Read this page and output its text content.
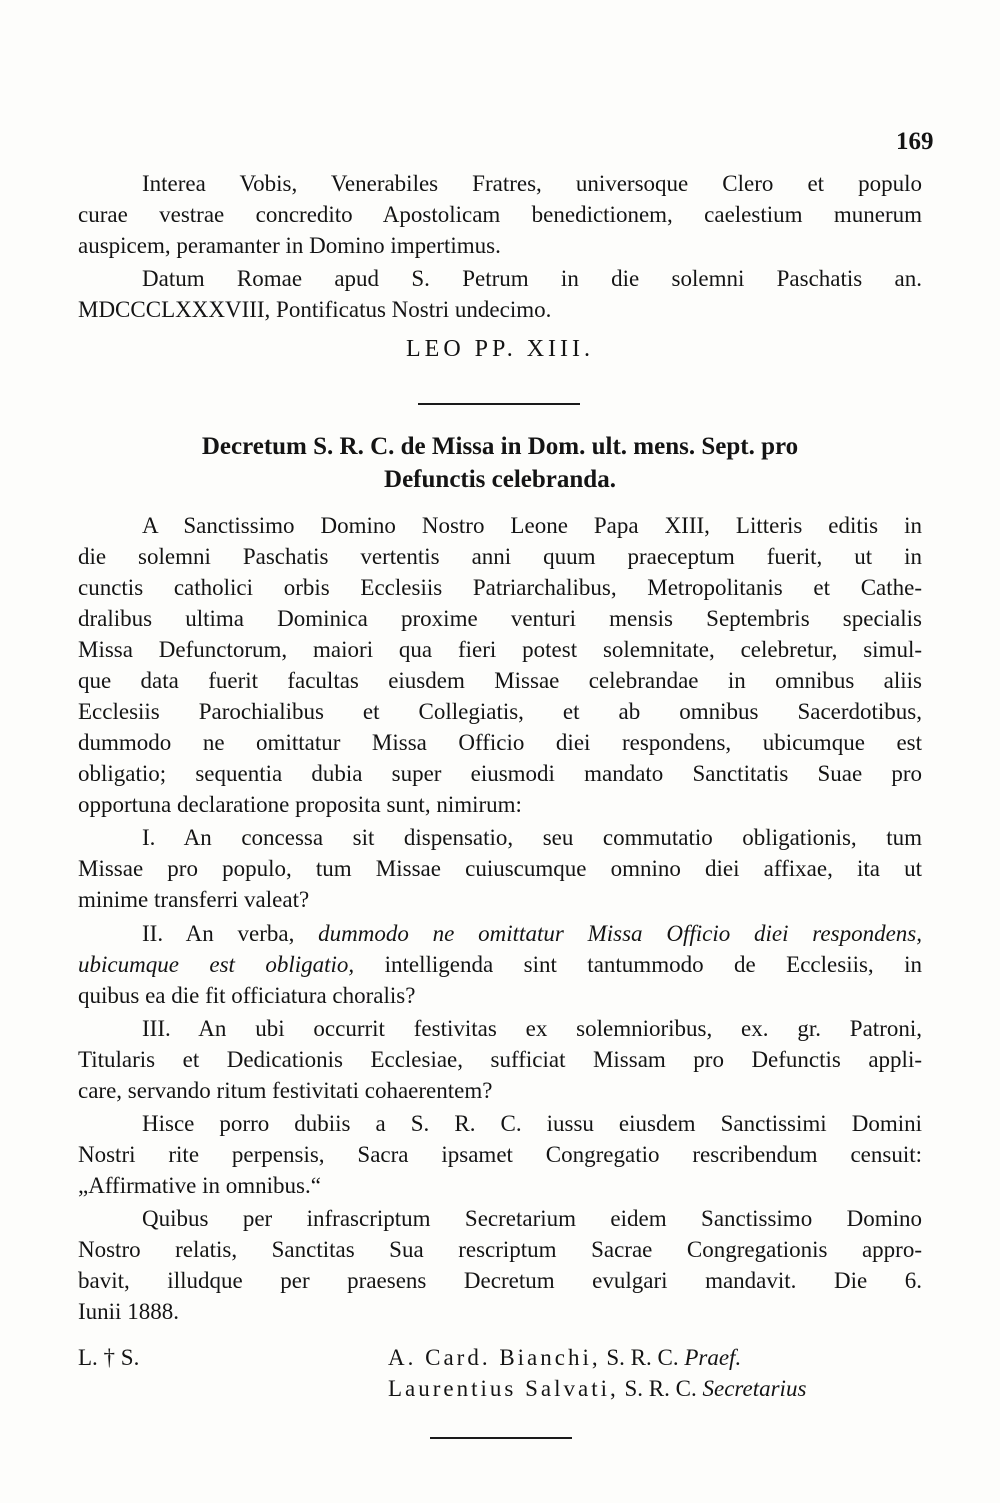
169
Interea Vobis, Venerabiles Fratres, universoque Clero et populo
curae vestrae concredito Apostolicam benedictionem, caelestium munerum
auspicem, peramanter in Domino impertimus.
Datum Romae apud S. Petrum in die solemni Paschatis an.
MDCCCLXXXVIII, Pontificatus Nostri undecimo.
LEO PP. XIII.
Decretum S. R. C. de Missa in Dom. ult. mens. Sept. pro
Defunctis celebranda.
A Sanctissimo Domino Nostro Leone Papa XIII, Litteris editis in
die solemni Paschatis vertentis anni quum praeceptum fuerit, ut in
cunctis catholici orbis Ecclesiis Patriarchalibus, Metropolitanis et Cathe-
dralibus ultima Dominica proxime venturi mensis Septembris specialis
Missa Defunctorum, maiori qua fieri potest solemnitate, celebretur, simul-
que data fuerit facultas eiusdem Missae celebrandae in omnibus aliis
Ecclesiis Parochialibus et Collegiatis, et ab omnibus Sacerdotibus,
dummodo ne omittatur Missa Officio diei respondens, ubicumque est
obligatio; sequentia dubia super eiusmodi mandato Sanctitatis Suae pro
opportuna declaratione proposita sunt, nimirum:
I. An concessa sit dispensatio, seu commutatio obligationis, tum
Missae pro populo, tum Missae cuiuscumque omnino diei affixae, ita ut
minime transferri valeat?
II. An verba, dummodo ne omittatur Missa Officio diei respondens,
ubicumque est obligatio, intelligenda sint tantummodo de Ecclesiis, in
quibus ea die fit officiatura choralis?
III. An ubi occurrit festivitas ex solemnioribus, ex. gr. Patroni,
Titularis et Dedicationis Ecclesiae, sufficiat Missam pro Defunctis appli-
care, servando ritum festivitati cohaerentem?
Hisce porro dubiis a S. R. C. iussu eiusdem Sanctissimi Domini
Nostri rite perpensis, Sacra ipsamet Congregatio rescribendum censuit:
„Affirmative in omnibus.“
Quibus per infrascriptum Secretarium eidem Sanctissimo Domino
Nostro relatis, Sanctitas Sua rescriptum Sacrae Congregationis appro-
bavit, illudque per praesens Decretum evulgari mandavit. Die 6.
Iunii 1888.
L. † S.	A. Card. Bianchi, S. R. C. Praef.
Laurentius Salvati, S. R. C. Secretarius
